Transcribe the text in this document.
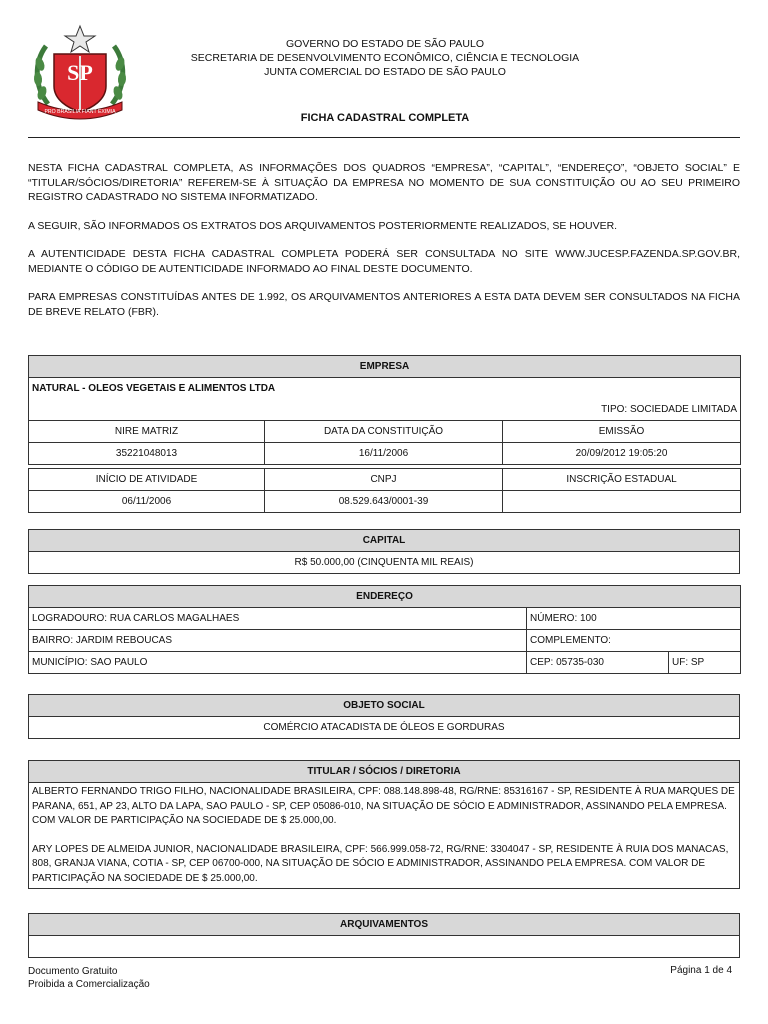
SP
PRO BRASILIA FIANT EXIMIA
GOVERNO DO ESTADO DE SÃO PAULO
SECRETARIA DE DESENVOLVIMENTO ECONÔMICO, CIÊNCIA E TECNOLOGIA
JUNTA COMERCIAL DO ESTADO DE SÃO PAULO
FICHA CADASTRAL COMPLETA

NESTA FICHA CADASTRAL COMPLETA, AS INFORMAÇÕES DOS QUADROS “EMPRESA”, “CAPITAL”, “ENDEREÇO”, “OBJETO SOCIAL” E “TITULAR/SÓCIOS/DIRETORIA” REFEREM-SE À SITUAÇÃO DA EMPRESA NO MOMENTO DE SUA CONSTITUIÇÃO OU AO SEU PRIMEIRO REGISTRO CADASTRADO NO SISTEMA INFORMATIZADO.

A SEGUIR, SÃO INFORMADOS OS EXTRATOS DOS ARQUIVAMENTOS POSTERIORMENTE REALIZADOS, SE HOUVER.

A AUTENTICIDADE DESTA FICHA CADASTRAL COMPLETA PODERÁ SER CONSULTADA NO SITE WWW.JUCESP.FAZENDA.SP.GOV.BR, MEDIANTE O CÓDIGO DE AUTENTICIDADE INFORMADO AO FINAL DESTE DOCUMENTO.

PARA EMPRESAS CONSTITUÍDAS ANTES DE 1.992, OS ARQUIVAMENTOS ANTERIORES A ESTA DATA DEVEM SER CONSULTADOS NA FICHA DE BREVE RELATO (FBR).

EMPRESA		
NATURAL - OLEOS VEGETAIS E ALIMENTOS LTDA		
TIPO: SOCIEDADE LIMITADA		
NIRE MATRIZ	DATA DA CONSTITUIÇÃO	EMISSÃO
35221048013	16/11/2006	20/09/2012 19:05:20

INÍCIO DE ATIVIDADE	CNPJ	INSCRIÇÃO ESTADUAL
06/11/2006	08.529.643/0001-39	
CAPITAL
R$ 50.000,00 (CINQUENTA MIL REAIS)
ENDEREÇO		
LOGRADOURO: RUA CARLOS MAGALHAES	NÚMERO: 100	
BAIRRO: JARDIM REBOUCAS	COMPLEMENTO:	
MUNICÍPIO: SAO PAULO	CEP: 05735-030	UF: SP
OBJETO SOCIAL
COMÉRCIO ATACADISTA DE ÓLEOS E GORDURAS
TITULAR / SÓCIOS / DIRETORIA

ALBERTO FERNANDO TRIGO FILHO, NACIONALIDADE BRASILEIRA, CPF: 088.148.898-48, RG/RNE: 85316167 - SP, RESIDENTE À RUA MARQUES DE PARANA, 651, AP 23, ALTO DA LAPA, SAO PAULO - SP, CEP 05086-010, NA SITUAÇÃO DE SÓCIO E ADMINISTRADOR, ASSINANDO PELA EMPRESA. COM VALOR DE PARTICIPAÇÃO NA SOCIEDADE DE $ 25.000,00.
ARY LOPES DE ALMEIDA JUNIOR, NACIONALIDADE BRASILEIRA, CPF: 566.999.058-72, RG/RNE: 3304047 - SP, RESIDENTE À RUIA DOS MANACAS, 808, GRANJA VIANA, COTIA - SP, CEP 06700-000, NA SITUAÇÃO DE SÓCIO E ADMINISTRADOR, ASSINANDO PELA EMPRESA. COM VALOR DE PARTICIPAÇÃO NA SOCIEDADE DE $ 25.000,00.
ARQUIVAMENTOS

Documento Gratuito
Proibida a Comercialização
Página 1 de 4
